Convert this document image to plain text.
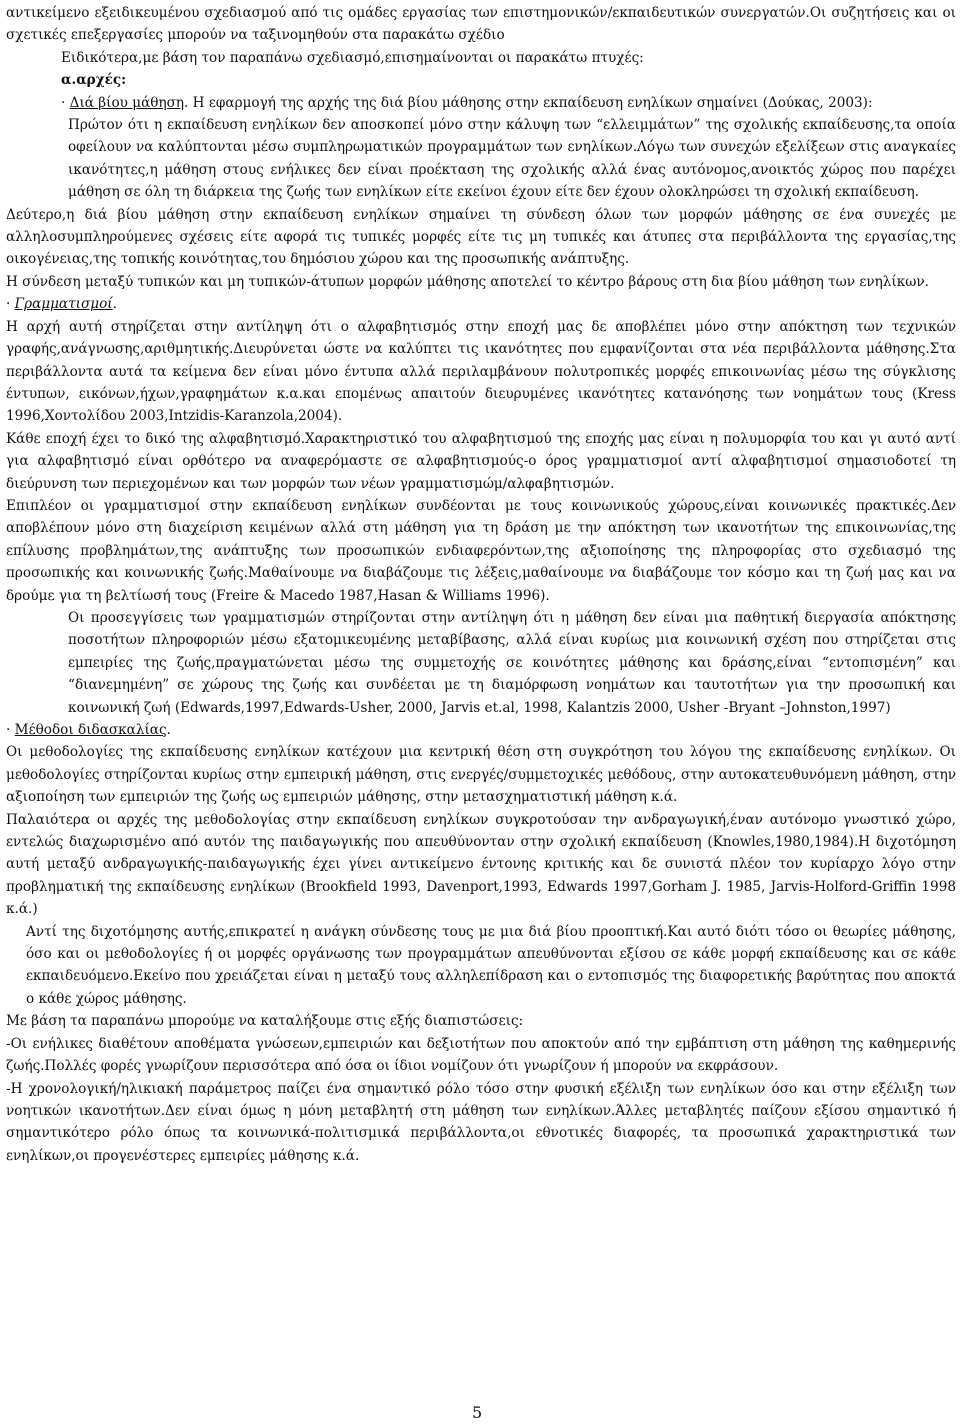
αντικείμενο εξειδικευμένου σχεδιασμού από τις ομάδες εργασίας των επιστημονικών/εκπαιδευτικών συνεργατών.Οι συζητήσεις και οι σχετικές επεξεργασίες μπορούν να ταξινομηθούν στα παρακάτω σχέδιο
Ειδικότερα,με βάση τον παραπάνω σχεδιασμό,επισημαίνονται οι παρακάτω πτυχές:
α.αρχές:
· Διά βίου μάθηση. Η εφαρμογή της αρχής της διά βίου μάθησης στην εκπαίδευση ενηλίκων σημαίνει (Δούκας, 2003):
Πρώτον ότι η εκπαίδευση ενηλίκων δεν αποσκοπεί μόνο στην κάλυψη των “ελλειμμάτων” της σχολικής εκπαίδευσης,τα οποία οφείλουν να καλύπτονται μέσω συμπληρωματικών προγραμμάτων των ενηλίκων.Λόγω των συνεχών εξελίξεων στις αναγκαίες ικανότητες,η μάθηση στους ενήλικες δεν είναι προέκταση της σχολικής αλλά ένας αυτόνομος,ανοικτός χώρος που παρέχει μάθηση σε όλη τη διάρκεια της ζωής των ενηλίκων είτε εκείνοι έχουν είτε δεν έχουν ολοκληρώσει τη σχολική εκπαίδευση.
Δεύτερο,η διά βίου μάθηση στην εκπαίδευση ενηλίκων σημαίνει τη σύνδεση όλων των μορφών μάθησης σε ένα συνεχές με αλληλοσυμπληρούμενες σχέσεις είτε αφορά τις τυπικές μορφές είτε τις μη τυπικές και άτυπες στα περιβάλλοντα της εργασίας,της οικογένειας,της τοπικής κοινότητας,του δημόσιου χώρου και της προσωπικής ανάπτυξης.
Η σύνδεση μεταξύ τυπικών και μη τυπικών-άτυπων μορφών μάθησης αποτελεί το κέντρο βάρους στη δια βίου μάθηση των ενηλίκων.
· Γραμματισμοί.
Η αρχή αυτή στηρίζεται στην αντίληψη ότι ο αλφαβητισμός στην εποχή μας δε αποβλέπει μόνο στην απόκτηση των τεχνικών γραφής,ανάγνωσης,αριθμητικής.Διευρύνεται ώστε να καλύπτει τις ικανότητες που εμφανίζονται στα νέα περιβάλλοντα μάθησης.Στα περιβάλλοντα αυτά τα κείμενα δεν είναι μόνο έντυπα αλλά περιλαμβάνουν πολυτροπικές μορφές επικοινωνίας μέσω της σύγκλισης έντυπων, εικόνων,ήχων,γραφημάτων κ.α.και επομένως απαιτούν διευρυμένες ικανότητες κατανόησης των νοημάτων τους (Kress 1996,Χοντολίδου 2003,Intzidis-Karanzola,2004).
Κάθε εποχή έχει το δικό της αλφαβητισμό.Χαρακτηριστικό του αλφαβητισμού της εποχής μας είναι η πολυμορφία του και γι αυτό αντί για αλφαβητισμό είναι ορθότερο να αναφερόμαστε σε αλφαβητισμούς-ο όρος γραμματισμοί αντί αλφαβητισμοί σημασιοδοτεί τη διεύρυνση των περιεχομένων και των μορφών των νέων γραμματισμώμ/αλφαβητισμών.
Επιπλέον οι γραμματισμοί στην εκπαίδευση ενηλίκων συνδέονται με τους κοινωνικούς χώρους,είναι κοινωνικές πρακτικές.Δεν αποβλέπουν μόνο στη διαχείριση κειμένων αλλά στη μάθηση για τη δράση με την απόκτηση των ικανοτήτων της επικοινωνίας,της επίλυσης προβλημάτων,της ανάπτυξης των προσωπικών ενδιαφερόντων,της αξιοποίησης της πληροφορίας στο σχεδιασμό της προσωπικής και κοινωνικής ζωής.Μαθαίνουμε να διαβάζουμε τις λέξεις,μαθαίνουμε να διαβάζουμε τον κόσμο και τη ζωή μας και να δρούμε για τη βελτίωσή τους (Freire & Macedo 1987,Hasan & Williams 1996).
Οι προσεγγίσεις των γραμματισμών στηρίζονται στην αντίληψη ότι η μάθηση δεν είναι μια παθητική διεργασία απόκτησης ποσοτήτων πληροφοριών μέσω εξατομικευμένης μεταβίβασης, αλλά είναι κυρίως μια κοινωνική σχέση που στηρίζεται στις εμπειρίες της ζωής,πραγματώνεται μέσω της συμμετοχής σε κοινότητες μάθησης και δράσης,είναι “εντοπισμένη” και “διανεμημένη” σε χώρους της ζωής και συνδέεται με τη διαμόρφωση νοημάτων και ταυτοτήτων για την προσωπική και κοινωνική ζωή (Edwards,1997,Edwards-Usher, 2000, Jarvis et.al, 1998, Kalantzis 2000, Usher -Bryant –Johnston,1997)
· Μέθοδοι διδασκαλίας.
Οι μεθοδολογίες της εκπαίδευσης ενηλίκων κατέχουν μια κεντρική θέση στη συγκρότηση του λόγου της εκπαίδευσης ενηλίκων. Οι μεθοδολογίες στηρίζονται κυρίως στην εμπειρική μάθηση, στις ενεργές/συμμετοχικές μεθόδους, στην αυτοκατευθυνόμενη μάθηση, στην αξιοποίηση των εμπειριών της ζωής ως εμπειριών μάθησης, στην μετασχηματιστική μάθηση κ.ά.
Παλαιότερα οι αρχές της μεθοδολογίας στην εκπαίδευση ενηλίκων συγκροτούσαν την ανδραγωγική,έναν αυτόνομο γνωστικό χώρο, εντελώς διαχωρισμένο από αυτόν της παιδαγωγικής που απευθύνονταν στην σχολική εκπαίδευση (Knowles,1980,1984).Η διχοτόμηση αυτή μεταξύ ανδραγωγικής-παιδαγωγικής έχει γίνει αντικείμενο έντονης κριτικής και δε συνιστά πλέον τον κυρίαρχο λόγο στην προβληματική της εκπαίδευσης ενηλίκων (Brookfield 1993, Davenport,1993, Edwards 1997,Gorham J. 1985, Jarvis-Holford-Griffin 1998 κ.ά.)
Αντί της διχοτόμησης αυτής,επικρατεί η ανάγκη σύνδεσης τους με μια διά βίου προοπτική.Και αυτό διότι τόσο οι θεωρίες μάθησης, όσο και οι μεθοδολογίες ή οι μορφές οργάνωσης των προγραμμάτων απευθύνονται εξίσου σε κάθε μορφή εκπαίδευσης και σε κάθε εκπαιδευόμενο.Εκείνο που χρειάζεται είναι η μεταξύ τους αλληλεπίδραση και ο εντοπισμός της διαφορετικής βαρύτητας που αποκτά ο κάθε χώρος μάθησης.
Με βάση τα παραπάνω μπορούμε να καταλήξουμε στις εξής διαπιστώσεις:
-Οι ενήλικες διαθέτουν αποθέματα γνώσεων,εμπειριών και δεξιοτήτων που αποκτούν από την εμβάπτιση στη μάθηση της καθημερινής ζωής.Πολλές φορές γνωρίζουν περισσότερα από όσα οι ίδιοι νομίζουν ότι γνωρίζουν ή μπορούν να εκφράσουν.
-Η χρονολογική/ηλικιακή παράμετρος παίζει ένα σημαντικό ρόλο τόσο στην φυσική εξέλιξη των ενηλίκων όσο και στην εξέλιξη των νοητικών ικανοτήτων.Δεν είναι όμως η μόνη μεταβλητή στη μάθηση των ενηλίκων.Άλλες μεταβλητές παίζουν εξίσου σημαντικό ή σημαντικότερο ρόλο όπως τα κοινωνικά-πολιτισμικά περιβάλλοντα,οι εθνοτικές διαφορές, τα προσωπικά χαρακτηριστικά των ενηλίκων,οι προγενέστερες εμπειρίες μάθησης κ.ά.
5
